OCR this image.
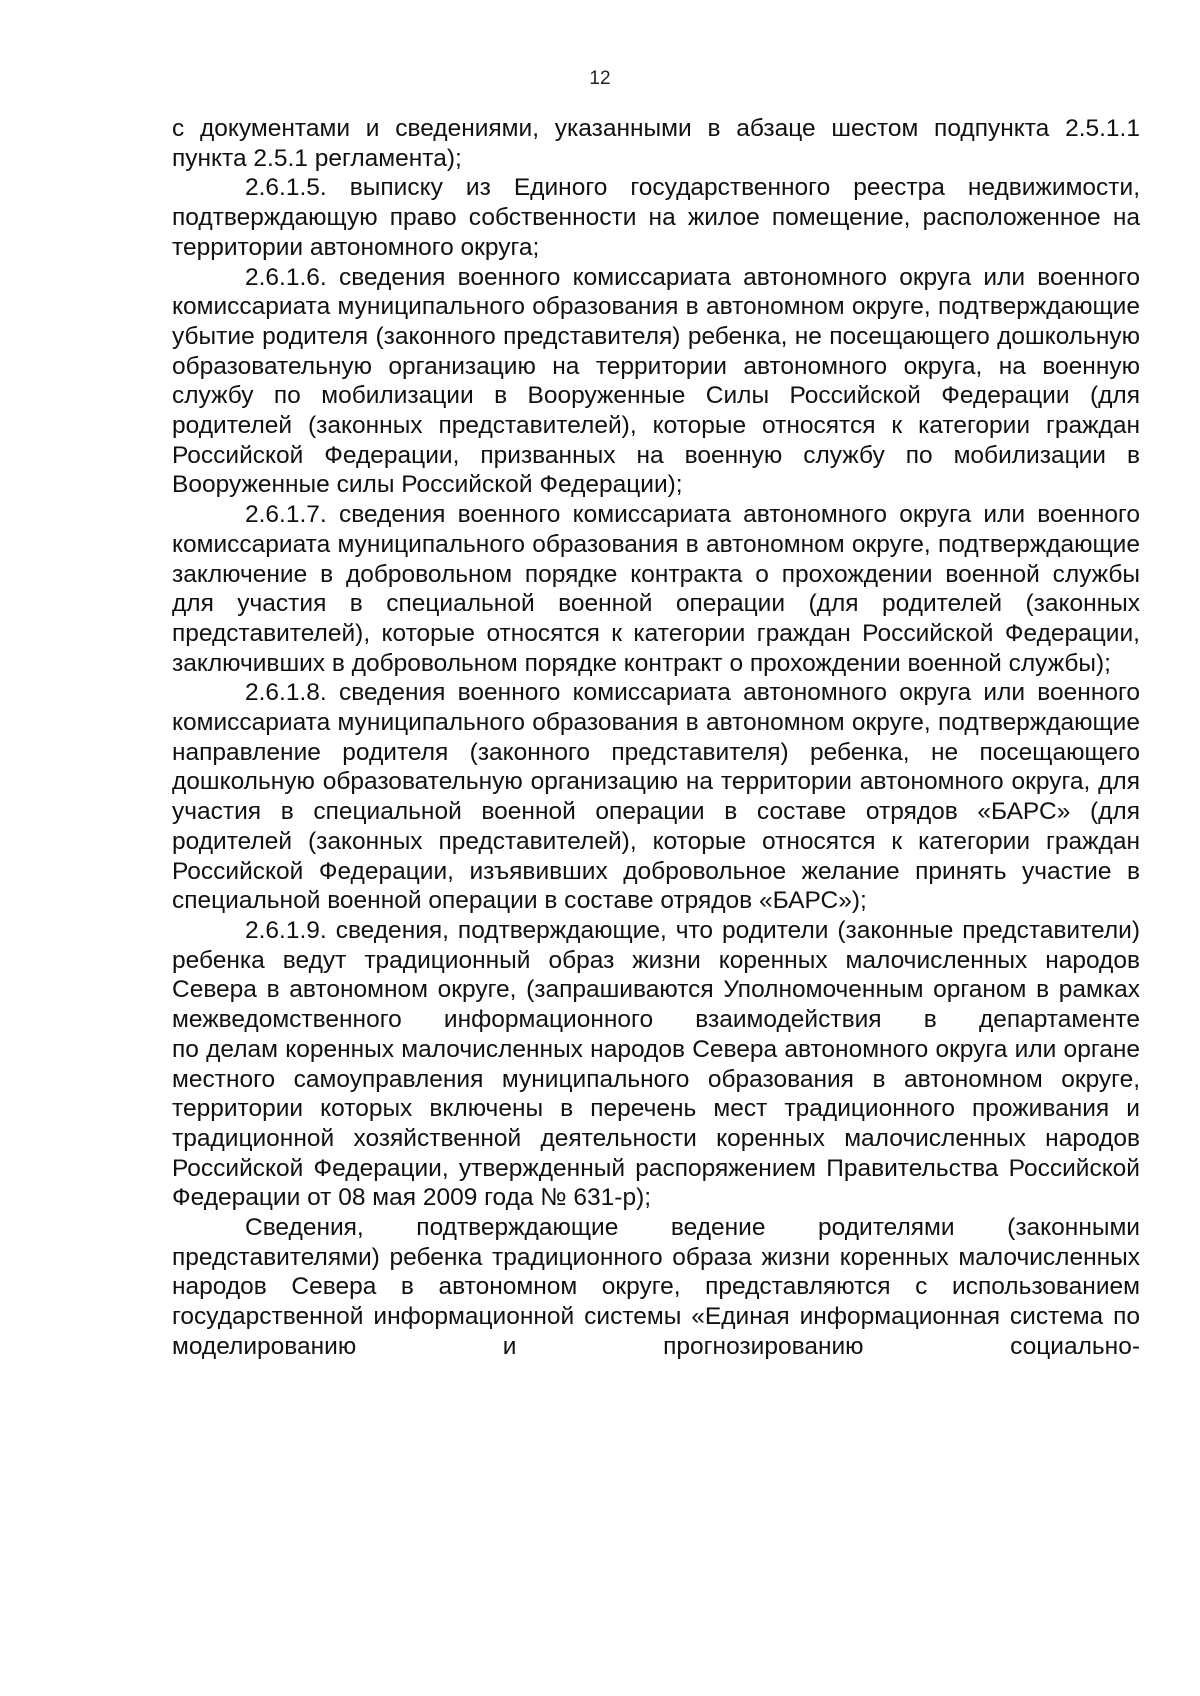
12

с документами и сведениями, указанными в абзаце шестом подпункта 2.5.1.1 пункта 2.5.1 регламента);

2.6.1.5. выписку из Единого государственного реестра недвижимости, подтверждающую право собственности на жилое помещение, расположенное на территории автономного округа;

2.6.1.6. сведения военного комиссариата автономного округа или военного комиссариата муниципального образования в автономном округе, подтверждающие убытие родителя (законного представителя) ребенка, не посещающего дошкольную образовательную организацию на территории автономного округа, на военную службу по мобилизации в Вооруженные Силы Российской Федерации (для родителей (законных представителей), которые относятся к категории граждан Российской Федерации, призванных на военную службу по мобилизации в Вооруженные силы Российской Федерации);

2.6.1.7. сведения военного комиссариата автономного округа или военного комиссариата муниципального образования в автономном округе, подтверждающие заключение в добровольном порядке контракта о прохождении военной службы для участия в специальной военной операции (для родителей (законных представителей), которые относятся к категории граждан Российской Федерации, заключивших в добровольном порядке контракт о прохождении военной службы);

2.6.1.8. сведения военного комиссариата автономного округа или военного комиссариата муниципального образования в автономном округе, подтверждающие направление родителя (законного представителя) ребенка, не посещающего дошкольную образовательную организацию на территории автономного округа, для участия в специальной военной операции в составе отрядов «БАРС» (для родителей (законных представителей), которые относятся к категории граждан Российской Федерации, изъявивших добровольное желание принять участие в специальной военной операции в составе отрядов «БАРС»);

2.6.1.9. сведения, подтверждающие, что родители (законные представители) ребенка ведут традиционный образ жизни коренных малочисленных народов Севера в автономном округе, (запрашиваются Уполномоченным органом в рамках межведомственного информационного взаимодействия в департаменте

по делам коренных малочисленных народов Севера автономного округа или органе местного самоуправления муниципального образования в автономном округе, территории которых включены в перечень мест традиционного проживания и традиционной хозяйственной деятельности коренных малочисленных народов Российской Федерации, утвержденный распоряжением Правительства Российской Федерации от 08 мая 2009 года № 631-р);

Сведения, подтверждающие ведение родителями (законными представителями) ребенка традиционного образа жизни коренных малочисленных народов Севера в автономном округе, представляются с использованием государственной информационной системы «Единая информационная система по моделированию и прогнозированию социально-
